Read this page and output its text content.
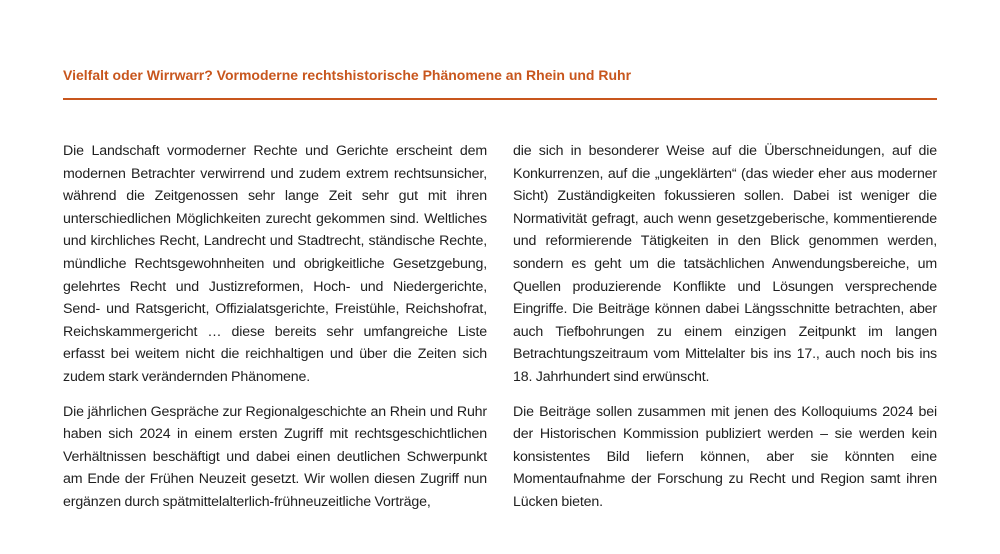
Vielfalt oder Wirrwarr? Vormoderne rechtshistorische Phänomene an Rhein und Ruhr

Die Landschaft vormoderner Rechte und Gerichte erscheint dem modernen Betrachter verwirrend und zudem extrem rechtsunsicher, während die Zeitgenossen sehr lange Zeit sehr gut mit ihren unterschiedlichen Möglichkeiten zurecht gekommen sind. Weltliches und kirchliches Recht, Landrecht und Stadtrecht, ständische Rechte, mündliche Rechtsgewohnheiten und obrigkeitliche Gesetzgebung, gelehrtes Recht und Justizreformen, Hoch- und Niedergerichte, Send- und Ratsgericht, Offizialatsgerichte, Freistühle, Reichshofrat, Reichskammergericht … diese bereits sehr umfangreiche Liste erfasst bei weitem nicht die reichhaltigen und über die Zeiten sich zudem stark verändernden Phänomene.

Die jährlichen Gespräche zur Regionalgeschichte an Rhein und Ruhr haben sich 2024 in einem ersten Zugriff mit rechtsgeschichtlichen Verhältnissen beschäftigt und dabei einen deutlichen Schwerpunkt am Ende der Frühen Neuzeit gesetzt. Wir wollen diesen Zugriff nun ergänzen durch spätmittelalterlich-frühneuzeitliche Vorträge,

die sich in besonderer Weise auf die Überschneidungen, auf die Konkurrenzen, auf die „ungeklärten“ (das wieder eher aus moderner Sicht) Zuständigkeiten fokussieren sollen. Dabei ist weniger die Normativität gefragt, auch wenn gesetzgeberische, kommentierende und reformierende Tätigkeiten in den Blick genommen werden, sondern es geht um die tatsächlichen Anwendungsbereiche, um Quellen produzierende Konflikte und Lösungen versprechende Eingriffe. Die Beiträge können dabei Längsschnitte betrachten, aber auch Tiefbohrungen zu einem einzigen Zeitpunkt im langen Betrachtungszeitraum vom Mittelalter bis ins 17., auch noch bis ins 18. Jahrhundert sind erwünscht.

Die Beiträge sollen zusammen mit jenen des Kolloquiums 2024 bei der Historischen Kommission publiziert werden – sie werden kein konsistentes Bild liefern können, aber sie könnten eine Momentaufnahme der Forschung zu Recht und Region samt ihren Lücken bieten.
